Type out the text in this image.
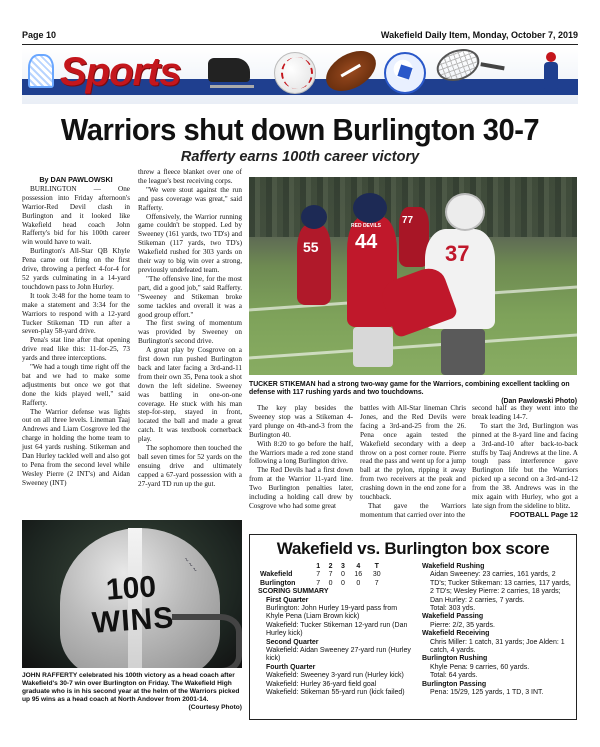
Page 10	Wakefield Daily Item, Monday, October 7, 2019
Sports
Warriors shut down Burlington 30-7
Rafferty earns 100th career victory

By DAN PAWLOWSKI

BURLINGTON — One possession into Friday afternoon's Warrior-Red Devil clash in Burlington and it looked like Wakefield head coach John Rafferty's bid for his 100th career win would have to wait.

Burlington's All-Star QB Khyle Pena came out firing on the first drive, throwing a perfect 4-for-4 for 52 yards culminating in a 14-yard touchdown pass to John Hurley.

It took 3:48 for the home team to make a statement and 3:34 for the Warriors to respond with a 12-yard Tucker Stikeman TD run after a seven-play 58-yard drive.

Pena's stat line after that opening drive read like this: 11-for-25, 73 yards and three interceptions.

"We had a tough time right off the bat and we had to make some adjustments but once we got that done the kids played well," said Rafferty.

The Warrior defense was lights out on all three levels. Lineman Taaj Andrews and Liam Cosgrove led the charge in holding the home team to just 64 yards rushing. Stikeman and Dan Hurley tackled well and also got to Pena from the second level while Wesley Pierre (2 INT's) and Aidan Sweeney (INT)

threw a fleece blanket over one of the league's best receiving corps.

"We were stout against the run and pass coverage was great," said Rafferty.

Offensively, the Warrior running game couldn't be stopped. Led by Sweeney (161 yards, two TD's) and Stikeman (117 yards, two TD's) Wakefield rushed for 303 yards on their way to big win over a strong, previously undefeated team.

"The offensive line, for the most part, did a good job," said Rafferty. "Sweeney and Stikeman broke some tackles and overall it was a good group effort."

The first swing of momentum was provided by Sweeney on Burlington's second drive.

A great play by Cosgrove on a first down run pushed Burlington back and later facing a 3rd-and-11 from their own 35, Pena took a shot down the left sideline. Sweeney was battling in one-on-one coverage. He stuck with his man step-for-step, stayed in front, located the ball and made a great catch. It was textbook cornerback play.

The sophomore then touched the ball seven times for 52 yards on the ensuing drive and ultimately capped a 67-yard possession with a 27-yard TD run up the gut.

55
RED DEVILS
44
77
37
TUCKER STIKEMAN had a strong two-way game for the Warriors, combining excellent tackling on defense with 117 rushing yards and two touchdowns.
(Dan Pawlowski Photo)

The key play besides the Sweeney stop was a Stikeman 4-yard plunge on 4th-and-3 from the Burlington 40.

With 8:20 to go before the half, the Warriors made a red zone stand following a long Burlington drive.

The Red Devils had a first down from at the Warrior 11-yard line. Two Burlington penalties later, including a holding call drew by Cosgrove who had some great

battles with All-Star lineman Chris Jones, and the Red Devils were facing a 3rd-and-25 from the 26. Pena once again tested the Wakefield secondary with a deep throw on a post corner route. Pierre read the pass and went up for a jump ball at the pylon, ripping it away from two receivers at the peak and crashing down in the end zone for a touchback.

That gave the Warriors momentum that carried over into the

second half as they went into the break leading 14-7.

To start the 3rd, Burlington was pinned at the 8-yard line and facing a 3rd-and-10 after back-to-back stuffs by Taaj Andrews at the line. A tough pass interference gave Burlington life but the Warriors picked up a second on a 3rd-and-12 from the 38. Andrews was in the mix again with Hurley, who got a late sign from the sideline to blitz.

FOOTBALL Page 12

100
WINS
~ ~ ~
JOHN RAFFERTY celebrated his 100th victory as a head coach after Wakefield's 30-7 win over Burlington on Friday. The Wakefield High graduate who is in his second year at the helm of the Warriors picked up 95 wins as a head coach at North Andover from 2001-14.
(Courtesy Photo)
Wakefield vs. Burlington box score
	1	2	3	4	T
Wakefield	7	7	0	16	30
Burlington	7	0	0	0	7
SCORING SUMMARY
First Quarter
Burlington: John Hurley 19-yard pass from Khyle Pena (Liam Brown kick)
Wakefield: Tucker Stikeman 12-yard run (Dan Hurley kick)
Second Quarter
Wakefield: Aidan Sweeney 27-yard run (Hurley kick)
Fourth Quarter
Wakefield: Sweeney 3-yard run (Hurley kick)
Wakefield: Hurley 36-yard field goal
Wakefield: Stikeman 55-yard run (kick failed)
Wakefield Rushing
Aidan Sweeney: 23 carries, 161 yards, 2 TD's; Tucker Stikeman: 13 carries, 117 yards, 2 TD's; Wesley Pierre: 2 carries, 18 yards; Dan Hurley: 2 carries, 7 yards.
Total: 303 yds.
Wakefield Passing
Pierre: 2/2, 35 yards.
Wakefield Receiving
Chris Miller: 1 catch, 31 yards; Joe Alden: 1 catch, 4 yards.
Burlington Rushing
Khyle Pena: 9 carries, 60 yards.
Total: 64 yards.
Burlington Passing
Pena: 15/29, 125 yards, 1 TD, 3 INT.
